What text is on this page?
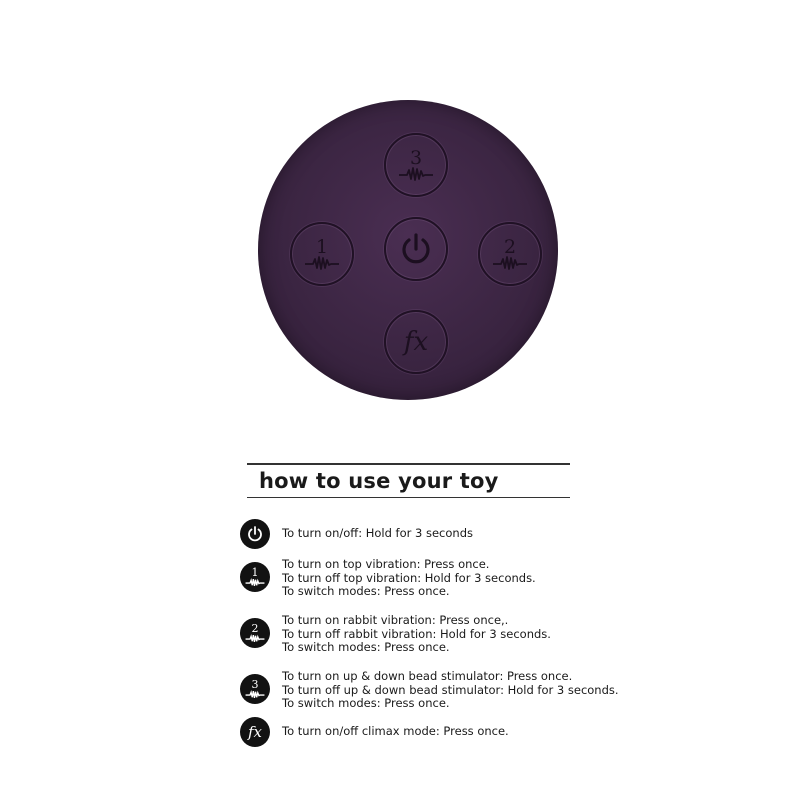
3
1	2
fx
how to use your toy
To turn on/off: Hold for 3 seconds
1
To turn on top vibration: Press once.
To turn off top vibration: Hold for 3 seconds.
To switch modes: Press once.
2
To turn on rabbit vibration: Press once,.
To turn off rabbit vibration: Hold for 3 seconds.
To switch modes: Press once.
3
To turn on up & down bead stimulator: Press once.
To turn off up & down bead stimulator: Hold for 3 seconds.
To switch modes: Press once.
fx To turn on/off climax mode: Press once.
